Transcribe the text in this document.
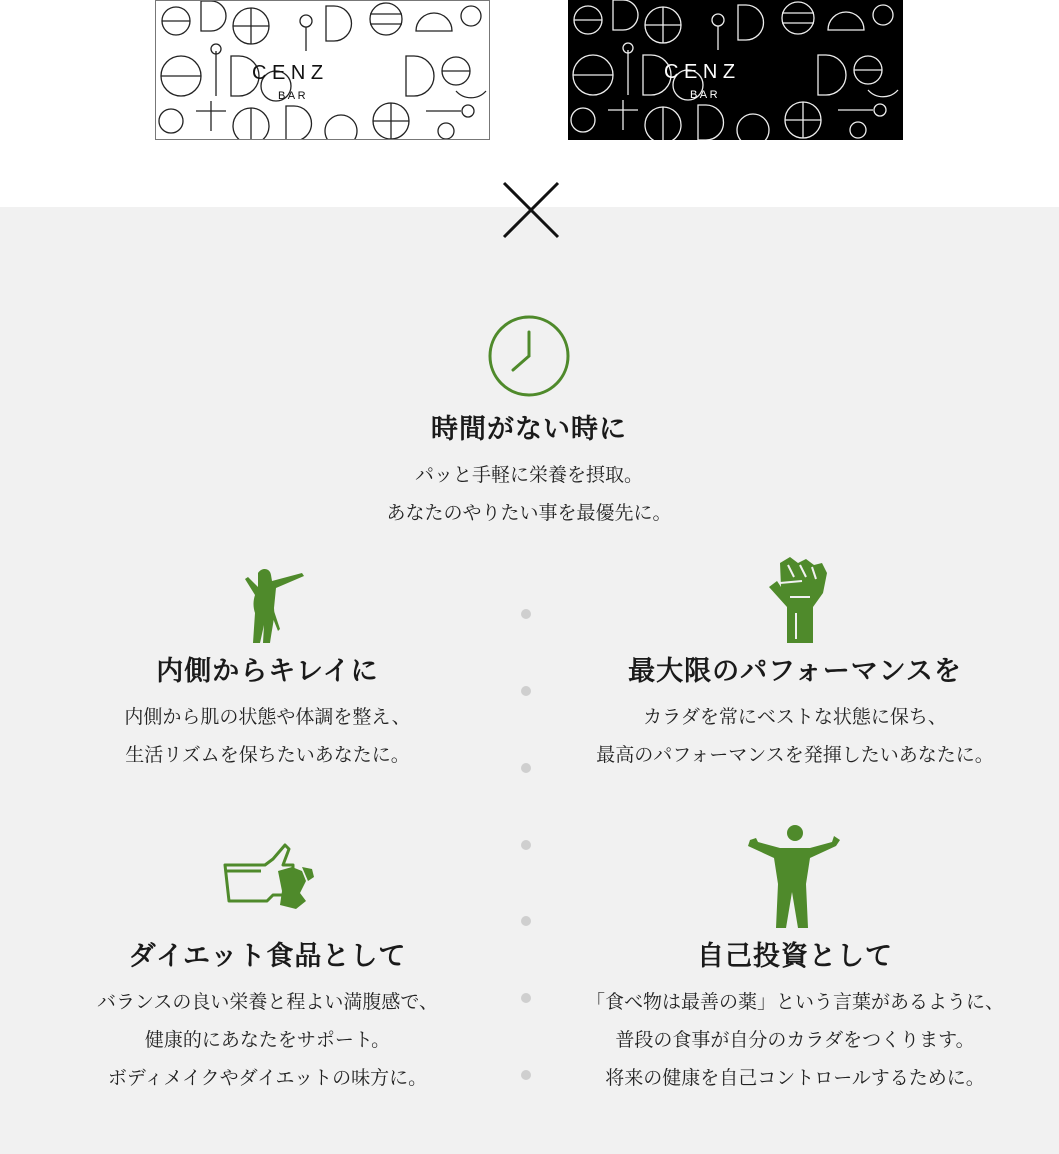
C E N Z
B A R
C E N Z
B A R
時間がない時に

パッと手軽に栄養を摂取。
あなたのやりたい事を最優先に。

内側からキレイに

内側から肌の状態や体調を整え、
生活リズムを保ちたいあなたに。

最大限のパフォーマンスを

カラダを常にベストな状態に保ち、
最高のパフォーマンスを発揮したいあなたに。

ダイエット食品として

バランスの良い栄養と程よい満腹感で、
健康的にあなたをサポート。
ボディメイクやダイエットの味方に。

自己投資として

「食べ物は最善の薬」という言葉があるように、
普段の食事が自分のカラダをつくります。
将来の健康を自己コントロールするために。
